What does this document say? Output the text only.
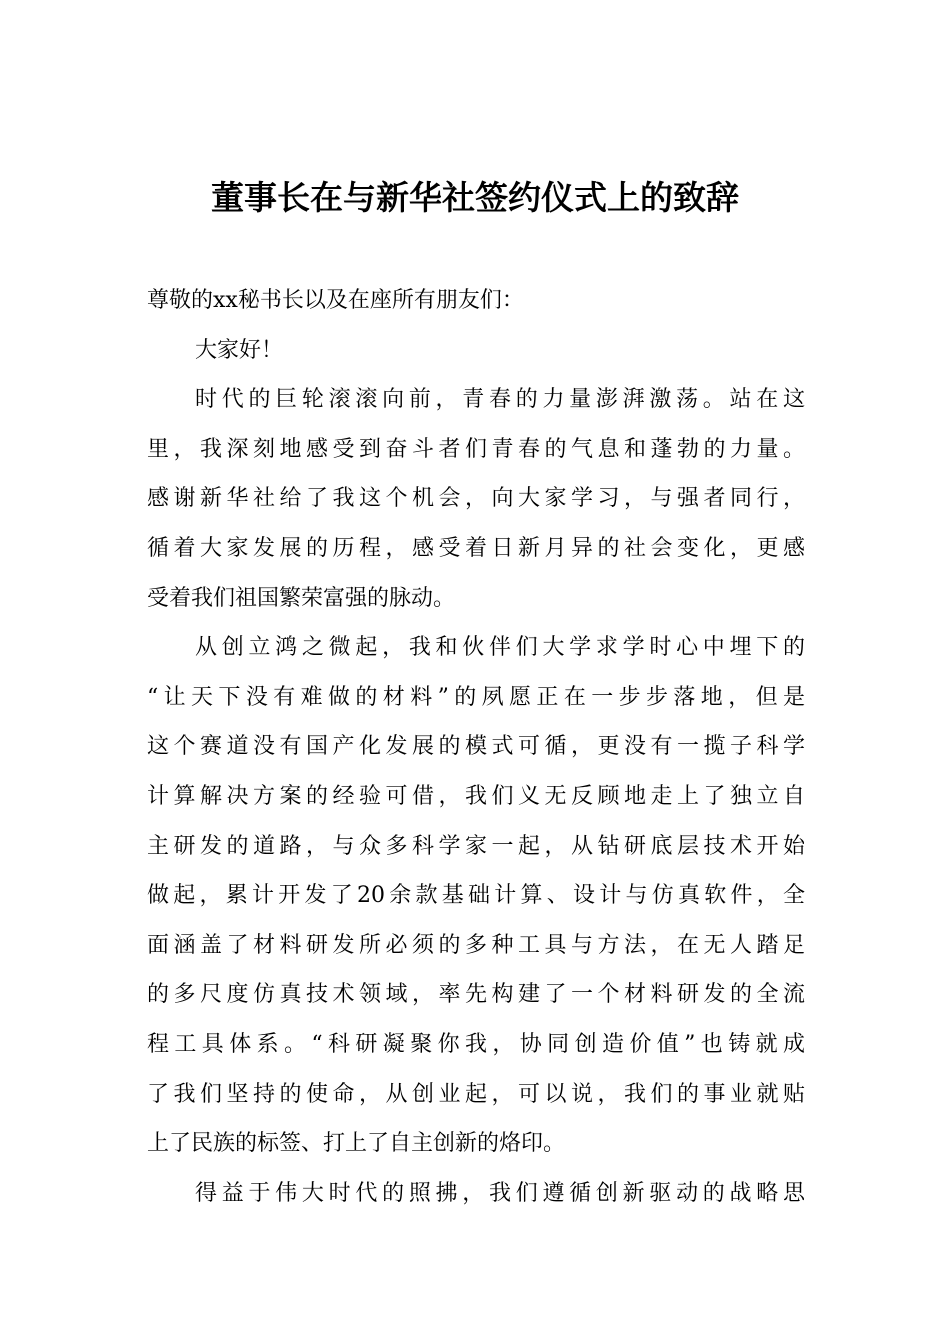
董事长在与新华社签约仪式上的致辞
尊敬的xx秘书长以及在座所有朋友们：
大家好！
时代的巨轮滚滚向前，青春的力量澎湃激荡。站在这
里，我深刻地感受到奋斗者们青春的气息和蓬勃的力量。
感谢新华社给了我这个机会，向大家学习，与强者同行，
循着大家发展的历程，感受着日新月异的社会变化，更感
受着我们祖国繁荣富强的脉动。
从创立鸿之微起，我和伙伴们大学求学时心中埋下的
“让天下没有难做的材料”的夙愿正在一步步落地，但是
这个赛道没有国产化发展的模式可循，更没有一揽子科学
计算解决方案的经验可借，我们义无反顾地走上了独立自
主研发的道路，与众多科学家一起，从钻研底层技术开始
做起，累计开发了20余款基础计算、设计与仿真软件，全
面涵盖了材料研发所必须的多种工具与方法，在无人踏足
的多尺度仿真技术领域，率先构建了一个材料研发的全流
程工具体系。“科研凝聚你我，协同创造价值”也铸就成
了我们坚持的使命，从创业起，可以说，我们的事业就贴
上了民族的标签、打上了自主创新的烙印。
得益于伟大时代的照拂，我们遵循创新驱动的战略思
